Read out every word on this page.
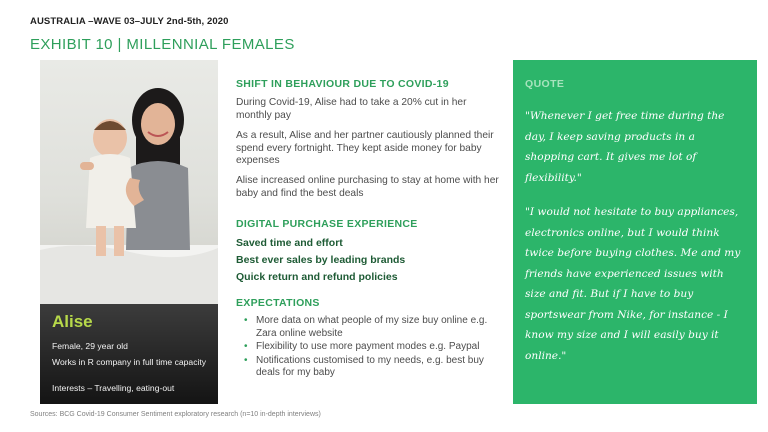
AUSTRALIA –WAVE 03–JULY 2nd-5th, 2020
EXHIBIT 10 | MILLENNIAL FEMALES
Alise
Female, 29 year old
Works in R company in full time capacity
Interests – Travelling, eating-out
SHIFT IN BEHAVIOUR DUE TO COVID-19
During Covid-19, Alise had to take a 20% cut in her monthly pay
As a result, Alise and her partner cautiously planned their spend every fortnight. They kept aside money for baby expenses
Alise increased online purchasing to stay at home with her baby and find the best deals
DIGITAL PURCHASE EXPERIENCE
Saved time and effort
Best ever sales by leading brands
Quick return and refund policies
EXPECTATIONS
• More data on what people of my size buy online e.g. Zara online website
• Flexibility to use more payment modes e.g. Paypal
• Notifications customised to my needs, e.g. best buy deals for my baby
QUOTE
"Whenever I get free time during the day, I keep saving products in a shopping cart. It gives me lot of flexibility."
"I would not hesitate to buy appliances, electronics online, but I would think twice before buying clothes. Me and my friends have experienced issues with size and fit. But if I have to buy sportswear from Nike, for instance - I know my size and I will easily buy it online."
Sources: BCG Covid-19 Consumer Sentiment exploratory research (n=10 in-depth interviews)
